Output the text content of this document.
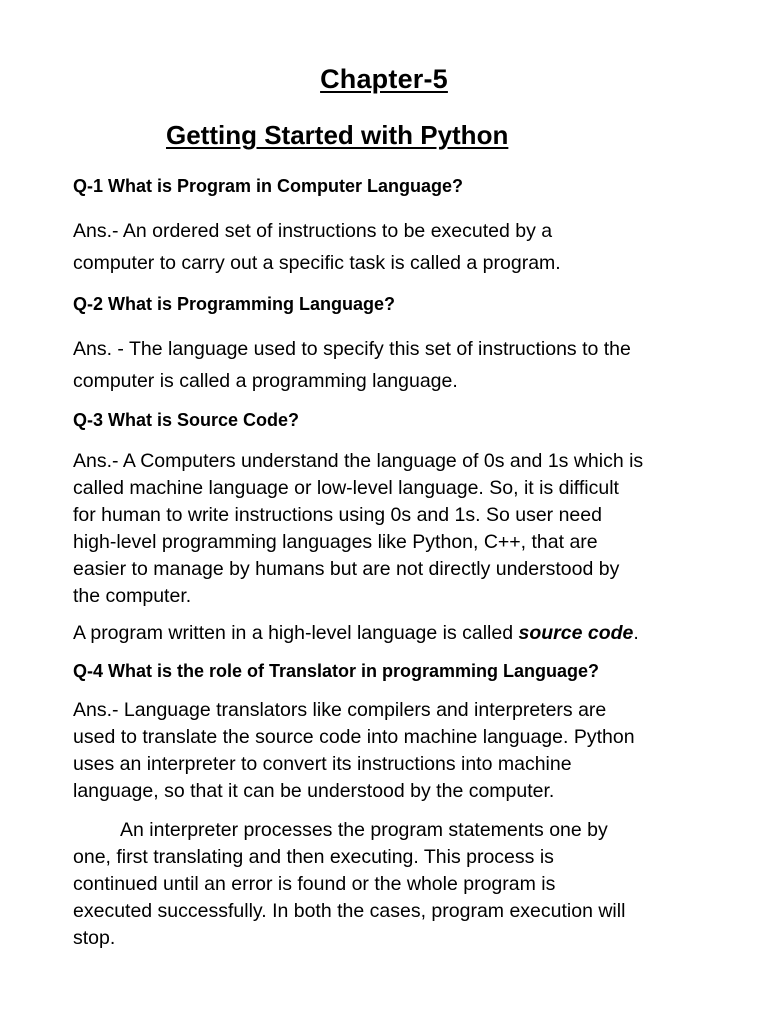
Chapter-5
Getting Started with Python
Q-1 What is Program in Computer Language?
Ans.- An ordered set of instructions to be executed by a
computer to carry out a specific task is called a program.
Q-2 What is Programming Language?
Ans. - The language used to specify this set of instructions to the
computer is called a programming language.
Q-3 What is Source Code?
Ans.- A Computers understand the language of 0s and 1s which is
called machine language or low-level language. So, it is difficult
for human to write instructions using 0s and 1s. So user need
high-level programming languages like Python, C++, that are
easier to manage by humans but are not directly understood by
the computer.
A program written in a high-level language is called source code.
Q-4 What is the role of Translator in programming Language?
Ans.- Language translators like compilers and interpreters are
used to translate the source code into machine language. Python
uses an interpreter to convert its instructions into machine
language, so that it can be understood by the computer.
An interpreter processes the program statements one by
one, first translating and then executing. This process is
continued until an error is found or the whole program is
executed successfully. In both the cases, program execution will
stop.
